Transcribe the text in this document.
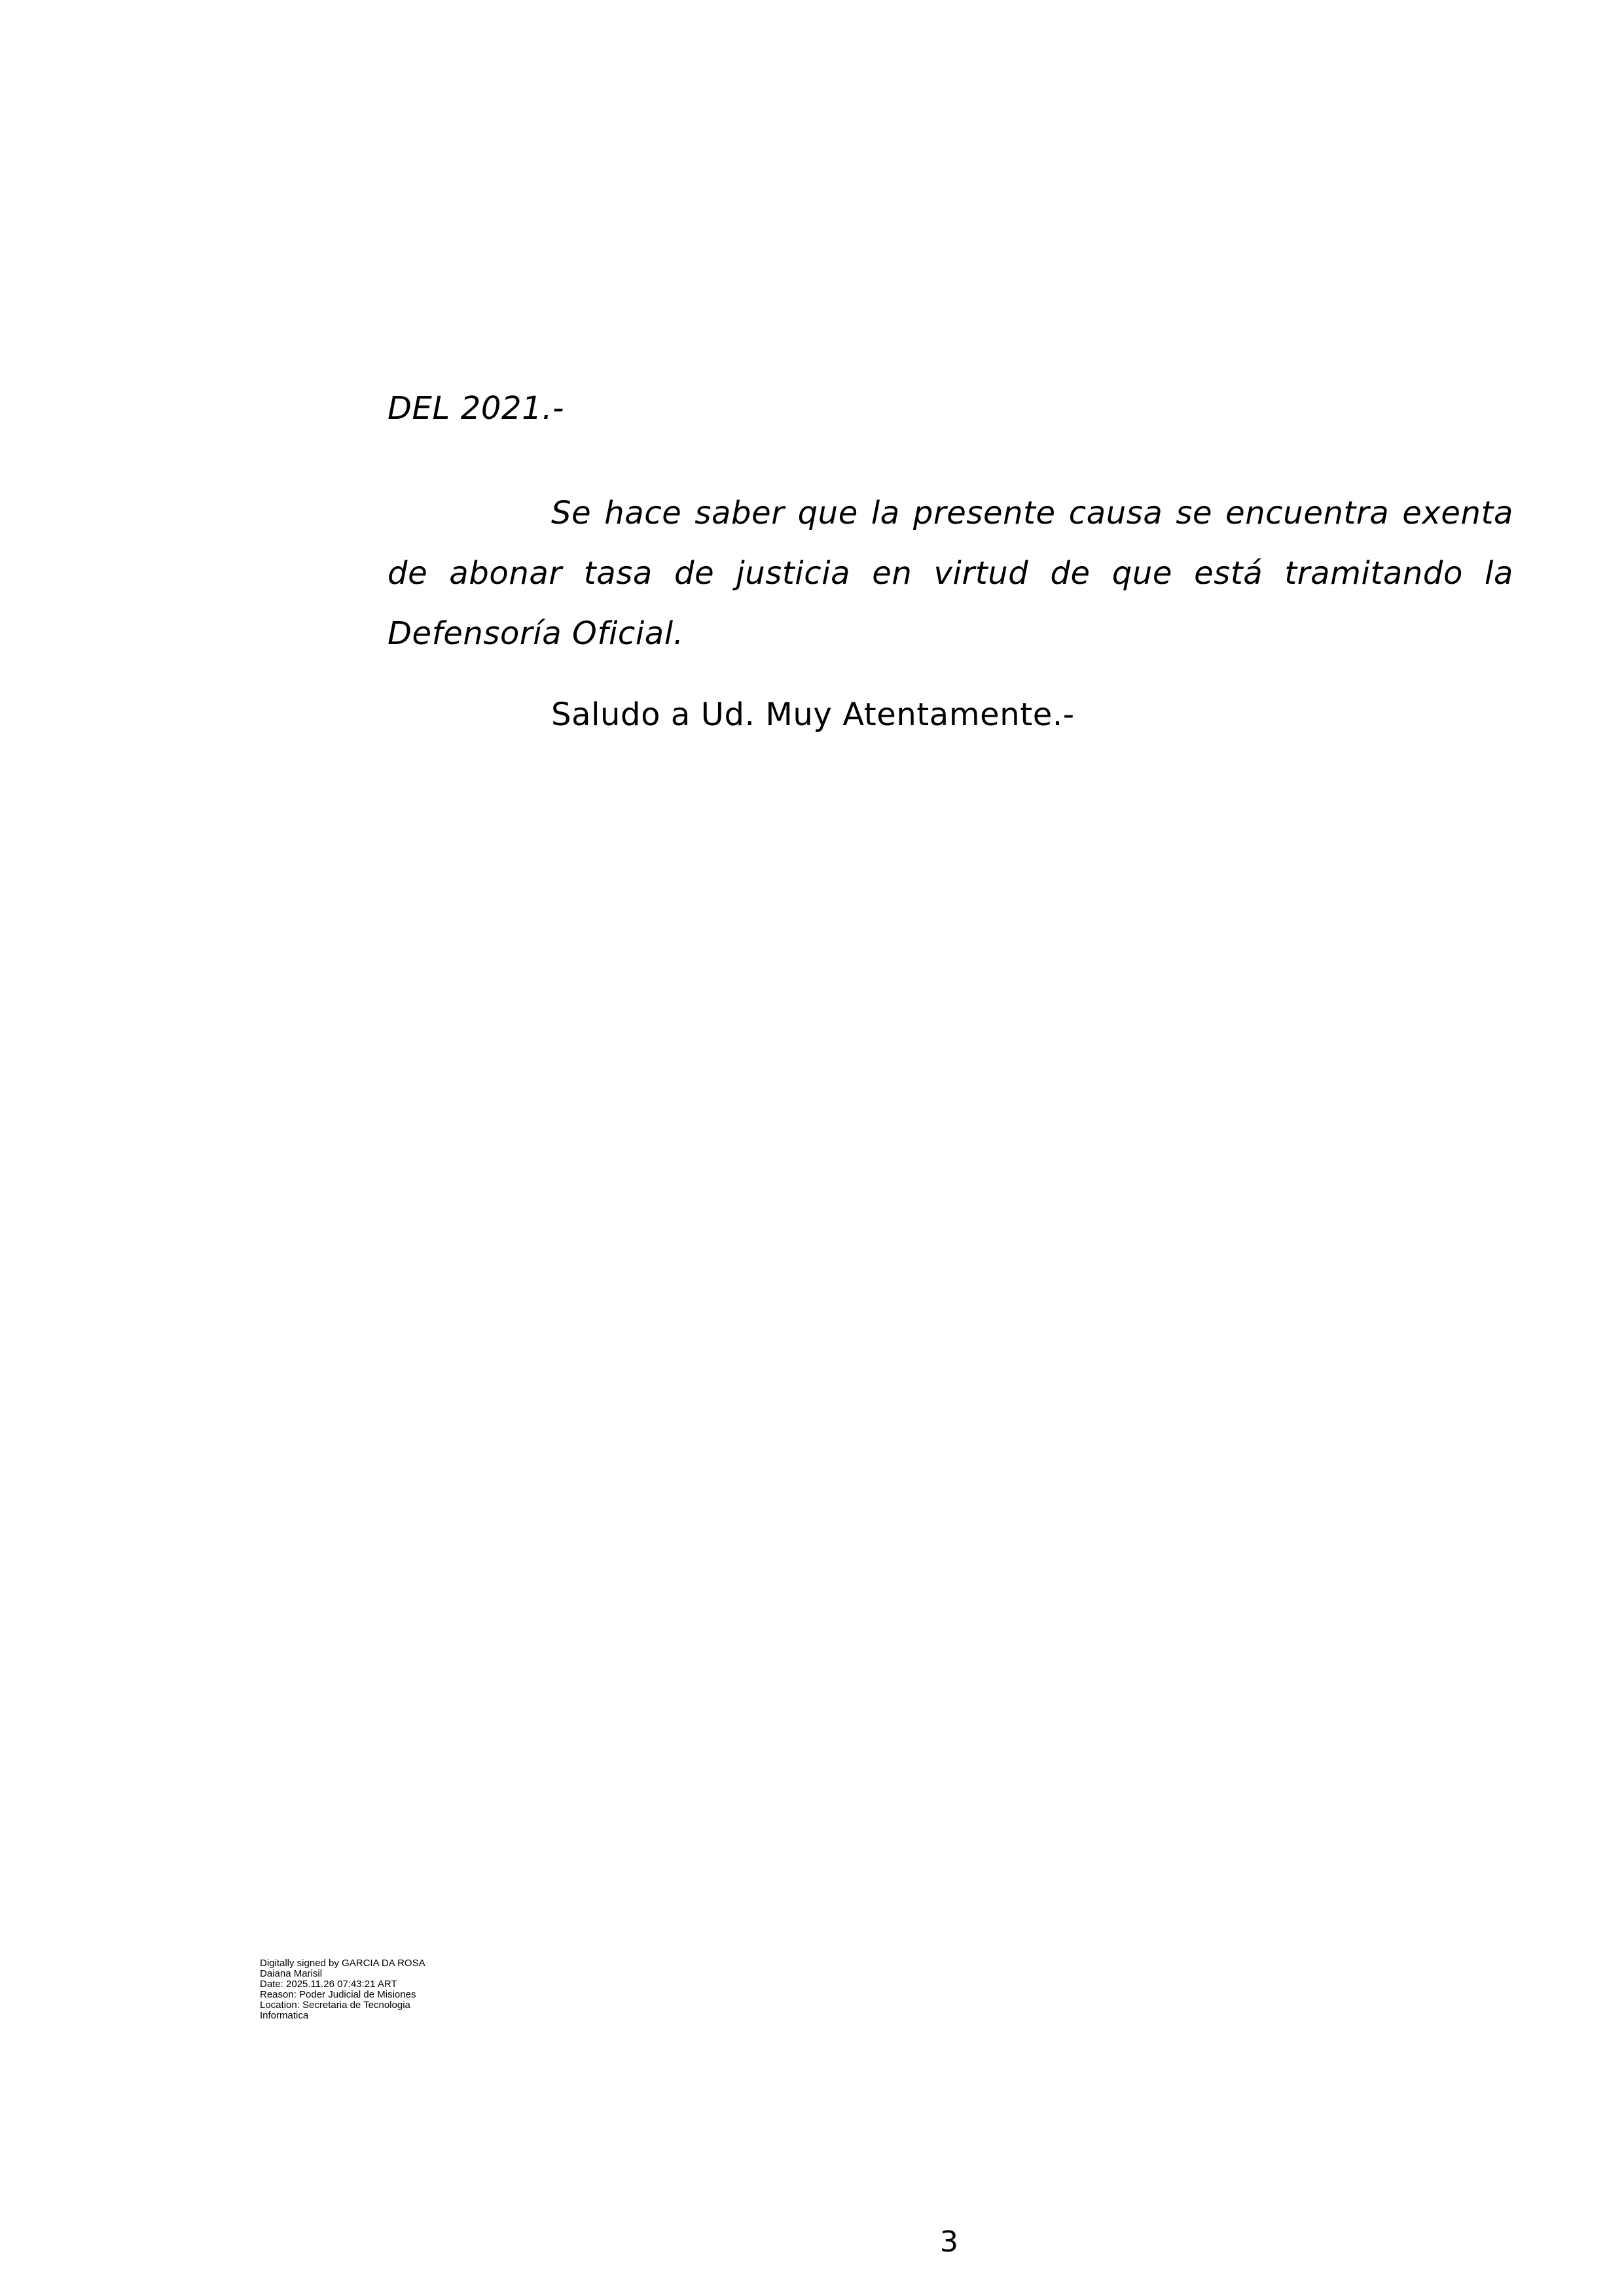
DEL 2021.-

Se hace saber que la presente causa se encuentra exenta de abonar tasa de justicia en virtud de que está tramitando la Defensoría Oficial.

Saludo a Ud. Muy Atentamente.-
Digitally signed by GARCIA DA ROSA
Daiana Marisil
Date: 2025.11.26 07:43:21 ART
Reason: Poder Judicial de Misiones
Location: Secretaria de Tecnologia
Informatica
3
